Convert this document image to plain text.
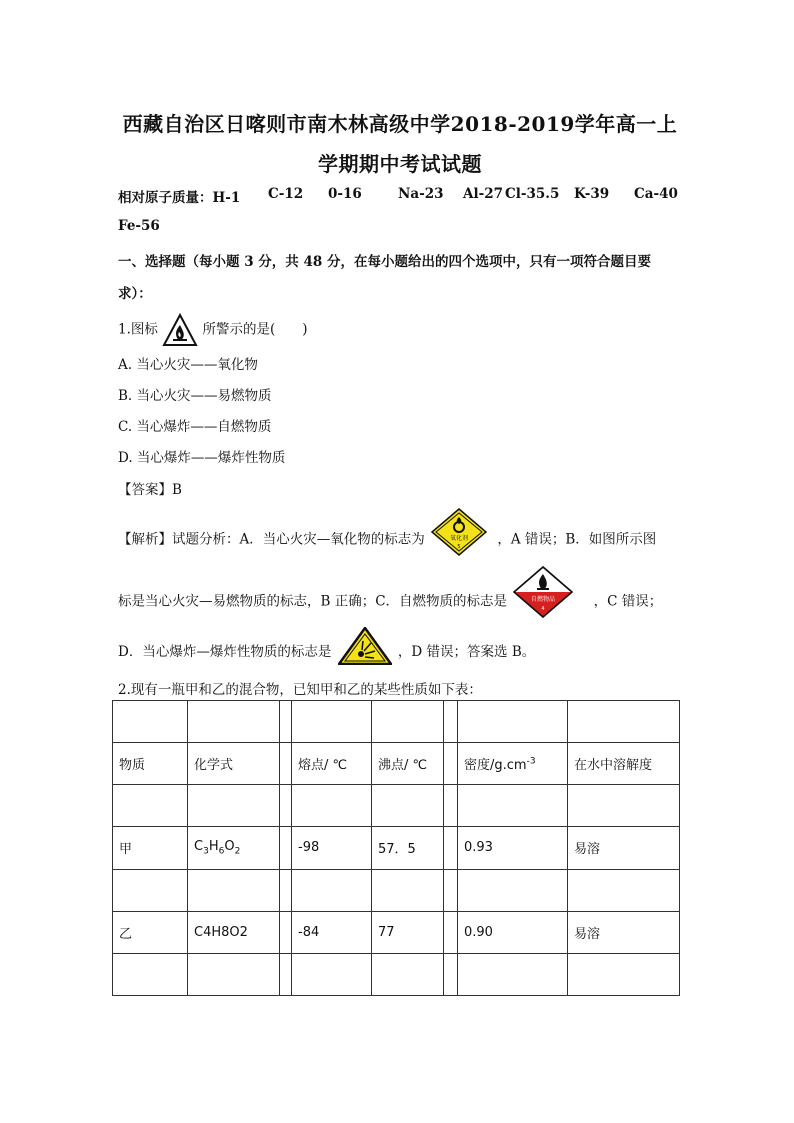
西藏自治区日喀则市南木林高级中学2018-2019学年高一上
学期期中考试试题
相对原子质量：H-1 C-12 0-16	Na-23 Al-27 Cl-35.5 K-39 Ca-40
Fe-56
一、选择题（每小题 3 分，共 48 分，在每小题给出的四个选项中，只有一项符合题目要
求）：
1.图标	所警示的是(　　)
A. 当心火灾——氧化物
B. 当心火灾——易燃物质
C. 当心爆炸——自燃物质
D. 当心爆炸——爆炸性物质
【答案】B
【解析】试题分析：A．当心火灾—氧化物的标志为	氧化剂
5	，A 错误；B．如图所示图
标是当心火灾—易燃物质的标志，B 正确；C．自燃物质的标志是	自燃物品
4	，C 错误；
D．当心爆炸—爆炸性物质的标志是	，D 错误；答案选 B。
2.现有一瓶甲和乙的混合物，已知甲和乙的某些性质如下表：

物质	化学式		熔点/ ℃	沸点/ ℃		密度$/g.cm^{-3}$	在水中溶解度

甲	$C_3H_6O_2$		-98	57．5		0.93	易溶

乙	C4H8O2		-84	77		0.90	易溶
